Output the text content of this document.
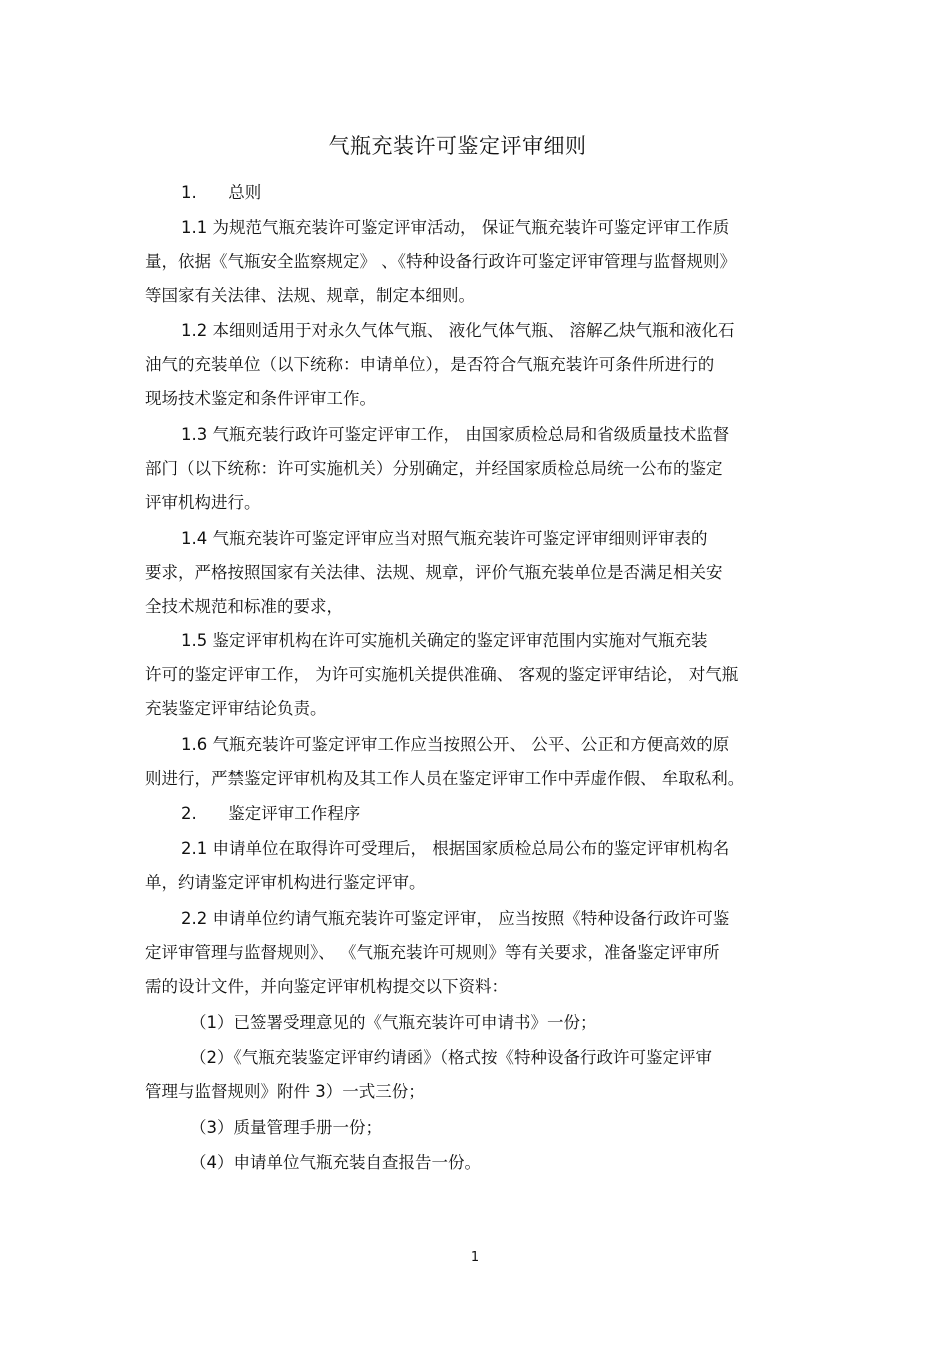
气瓶充装许可鉴定评审细则
1.      总则
1.1 为规范气瓶充装许可鉴定评审活动， 保证气瓶充装许可鉴定评审工作质
量，依据《气瓶安全监察规定》 、《特种设备行政许可鉴定评审管理与监督规则》
等国家有关法律、法规、规章，制定本细则。
1.2 本细则适用于对永久气体气瓶、 液化气体气瓶、 溶解乙炔气瓶和液化石
油气的充装单位（以下统称：申请单位），是否符合气瓶充装许可条件所进行的
现场技术鉴定和条件评审工作。
1.3 气瓶充装行政许可鉴定评审工作， 由国家质检总局和省级质量技术监督
部门（以下统称：许可实施机关）分别确定，并经国家质检总局统一公布的鉴定
评审机构进行。
1.4 气瓶充装许可鉴定评审应当对照气瓶充装许可鉴定评审细则评审表的
要求，严格按照国家有关法律、法规、规章，评价气瓶充装单位是否满足相关安
全技术规范和标准的要求，
1.5 鉴定评审机构在许可实施机关确定的鉴定评审范围内实施对气瓶充装
许可的鉴定评审工作， 为许可实施机关提供准确、 客观的鉴定评审结论， 对气瓶
充装鉴定评审结论负责。
1.6 气瓶充装许可鉴定评审工作应当按照公开、 公平、公正和方便高效的原
则进行，严禁鉴定评审机构及其工作人员在鉴定评审工作中弄虚作假、 牟取私利。
2.      鉴定评审工作程序
2.1 申请单位在取得许可受理后， 根据国家质检总局公布的鉴定评审机构名
单，约请鉴定评审机构进行鉴定评审。
2.2 申请单位约请气瓶充装许可鉴定评审， 应当按照《特种设备行政许可鉴
定评审管理与监督规则》、 《气瓶充装许可规则》等有关要求，准备鉴定评审所
需的设计文件，并向鉴定评审机构提交以下资料：
（1）已签署受理意见的《气瓶充装许可申请书》一份；
（2）《气瓶充装鉴定评审约请函》（格式按《特种设备行政许可鉴定评审
管理与监督规则》附件 3）一式三份；
（3）质量管理手册一份；
（4）申请单位气瓶充装自查报告一份。
1
